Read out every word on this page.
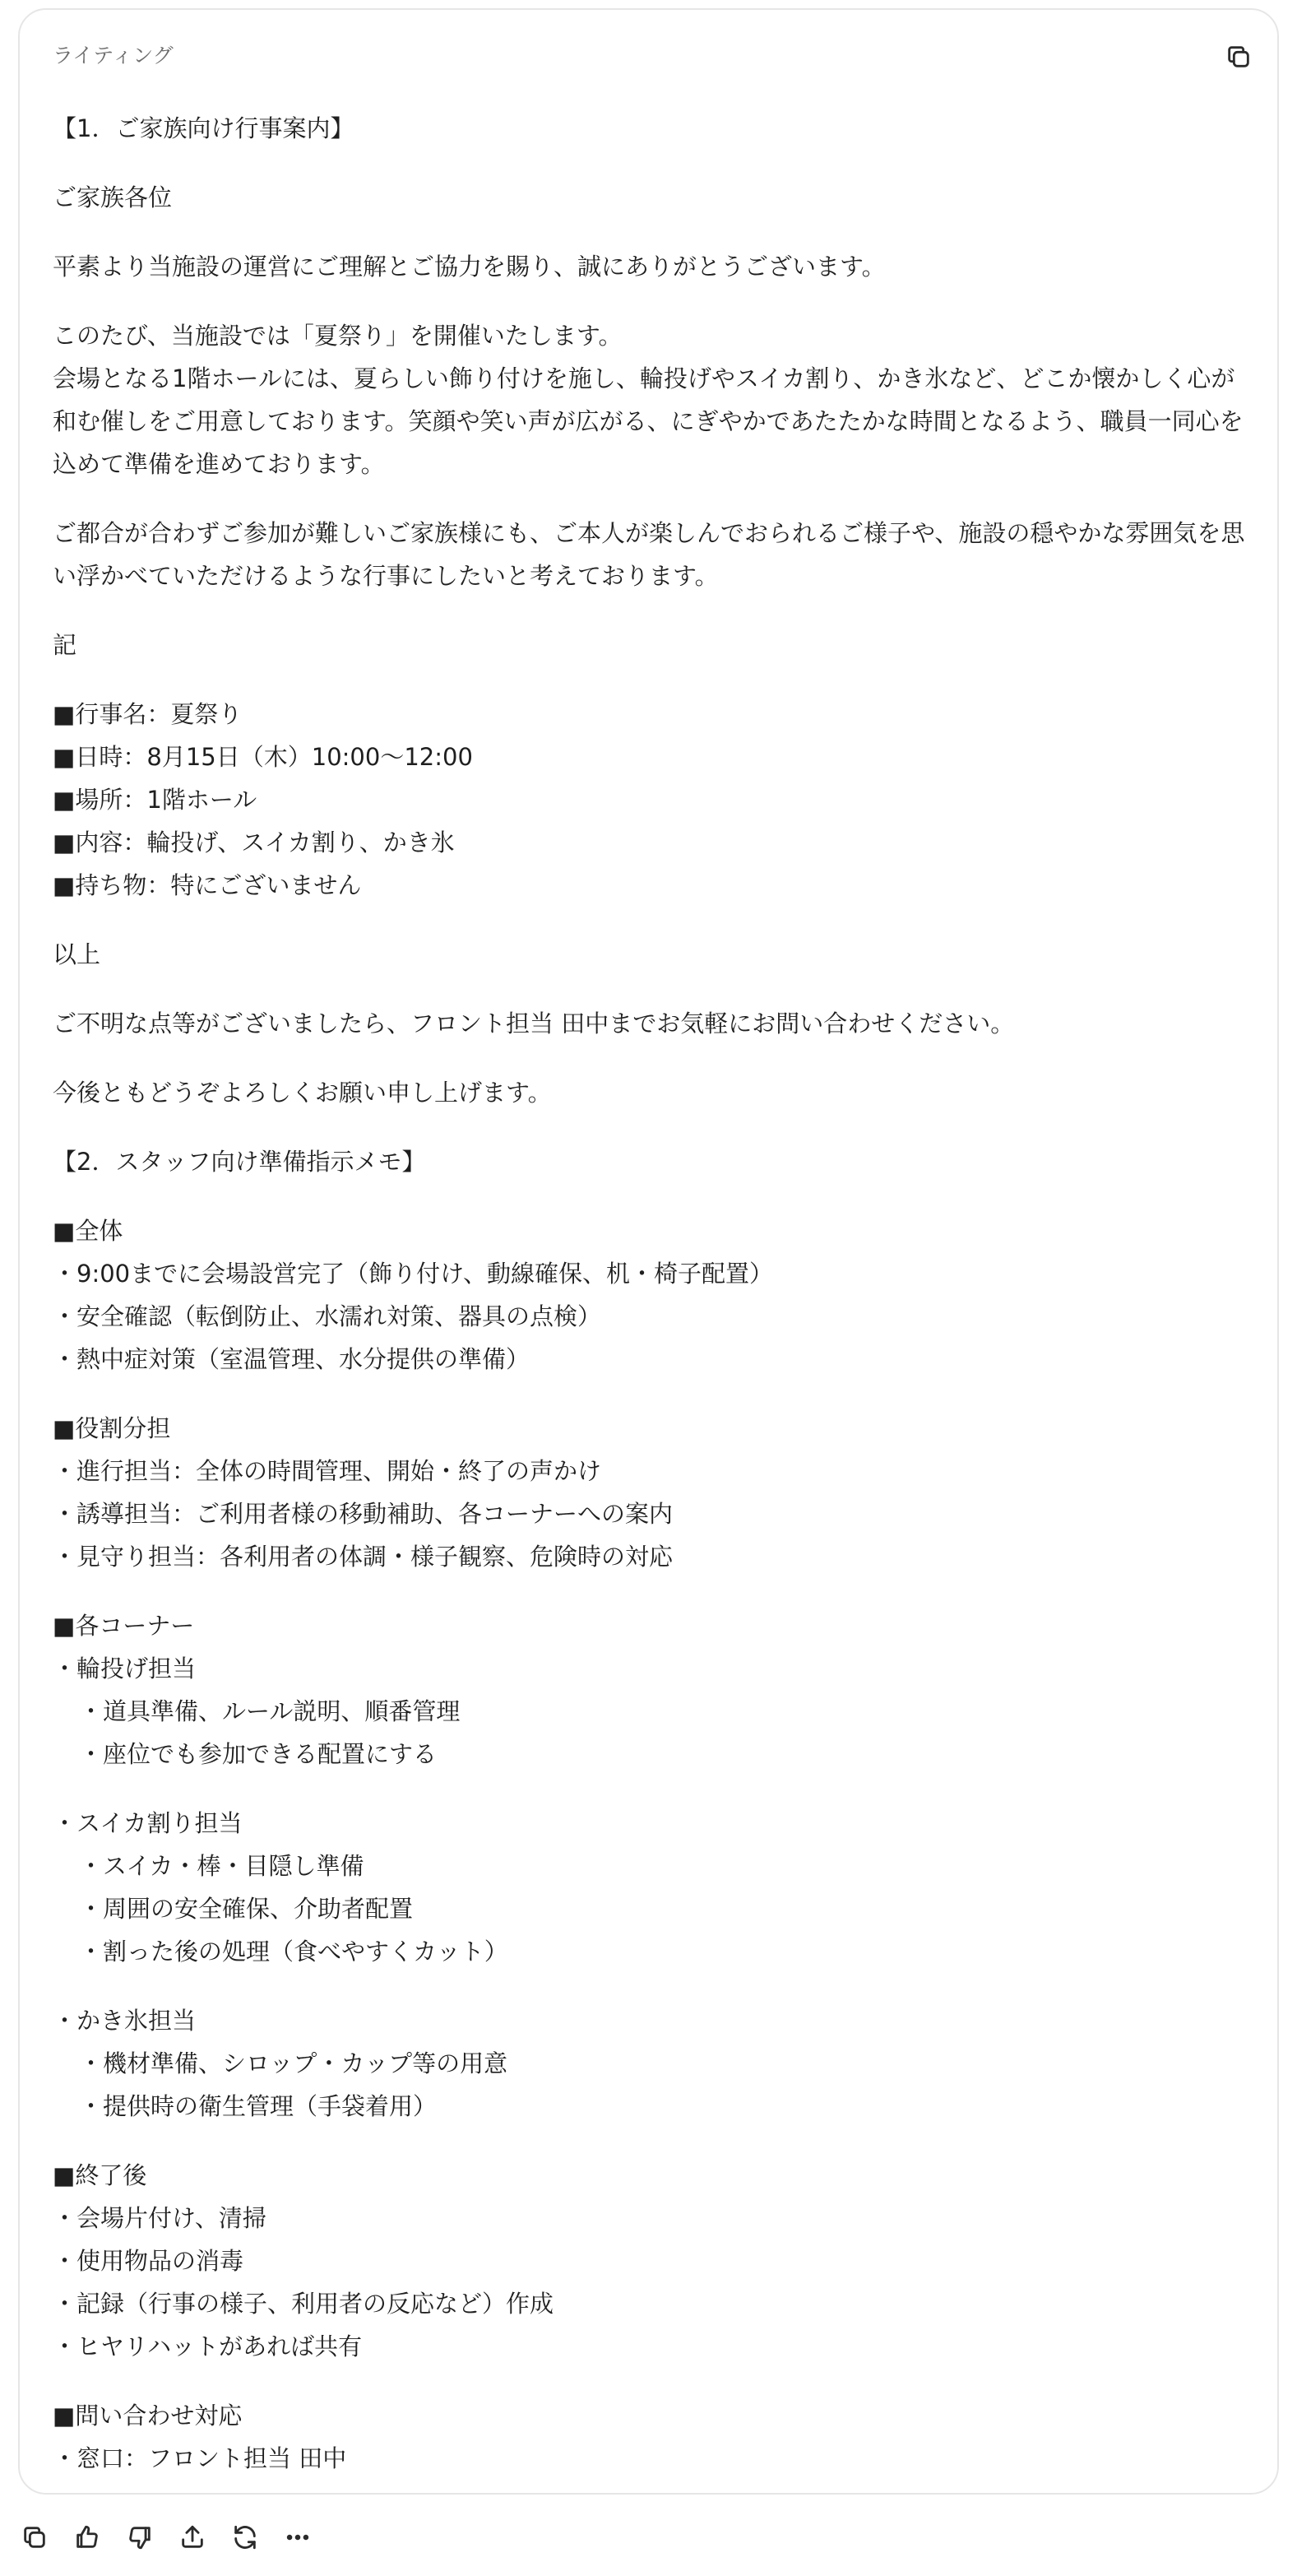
ライティング

【1．ご家族向け行事案内】

ご家族各位

平素より当施設の運営にご理解とご協力を賜り、誠にありがとうございます。

このたび、当施設では「夏祭り」を開催いたします。
会場となる1階ホールには、夏らしい飾り付けを施し、輪投げやスイカ割り、かき氷など、どこか懐かしく心が和む催しをご用意しております。笑顔や笑い声が広がる、にぎやかであたたかな時間となるよう、職員一同心を込めて準備を進めております。

ご都合が合わずご参加が難しいご家族様にも、ご本人が楽しんでおられるご様子や、施設の穏やかな雰囲気を思い浮かべていただけるような行事にしたいと考えております。

記

■行事名：夏祭り
■日時：8月15日（木）10:00～12:00
■場所：1階ホール
■内容：輪投げ、スイカ割り、かき氷
■持ち物：特にございません

以上

ご不明な点等がございましたら、フロント担当 田中までお気軽にお問い合わせください。

今後ともどうぞよろしくお願い申し上げます。

【2．スタッフ向け準備指示メモ】

■全体
・9:00までに会場設営完了（飾り付け、動線確保、机・椅子配置）
・安全確認（転倒防止、水濡れ対策、器具の点検）
・熱中症対策（室温管理、水分提供の準備）

■役割分担
・進行担当：全体の時間管理、開始・終了の声かけ
・誘導担当：ご利用者様の移動補助、各コーナーへの案内
・見守り担当：各利用者の体調・様子観察、危険時の対応

■各コーナー
・輪投げ担当
・道具準備、ルール説明、順番管理
・座位でも参加できる配置にする

・スイカ割り担当
・スイカ・棒・目隠し準備
・周囲の安全確保、介助者配置
・割った後の処理（食べやすくカット）

・かき氷担当
・機材準備、シロップ・カップ等の用意
・提供時の衛生管理（手袋着用）

■終了後
・会場片付け、清掃
・使用物品の消毒
・記録（行事の様子、利用者の反応など）作成
・ヒヤリハットがあれば共有

■問い合わせ対応
・窓口：フロント担当 田中
